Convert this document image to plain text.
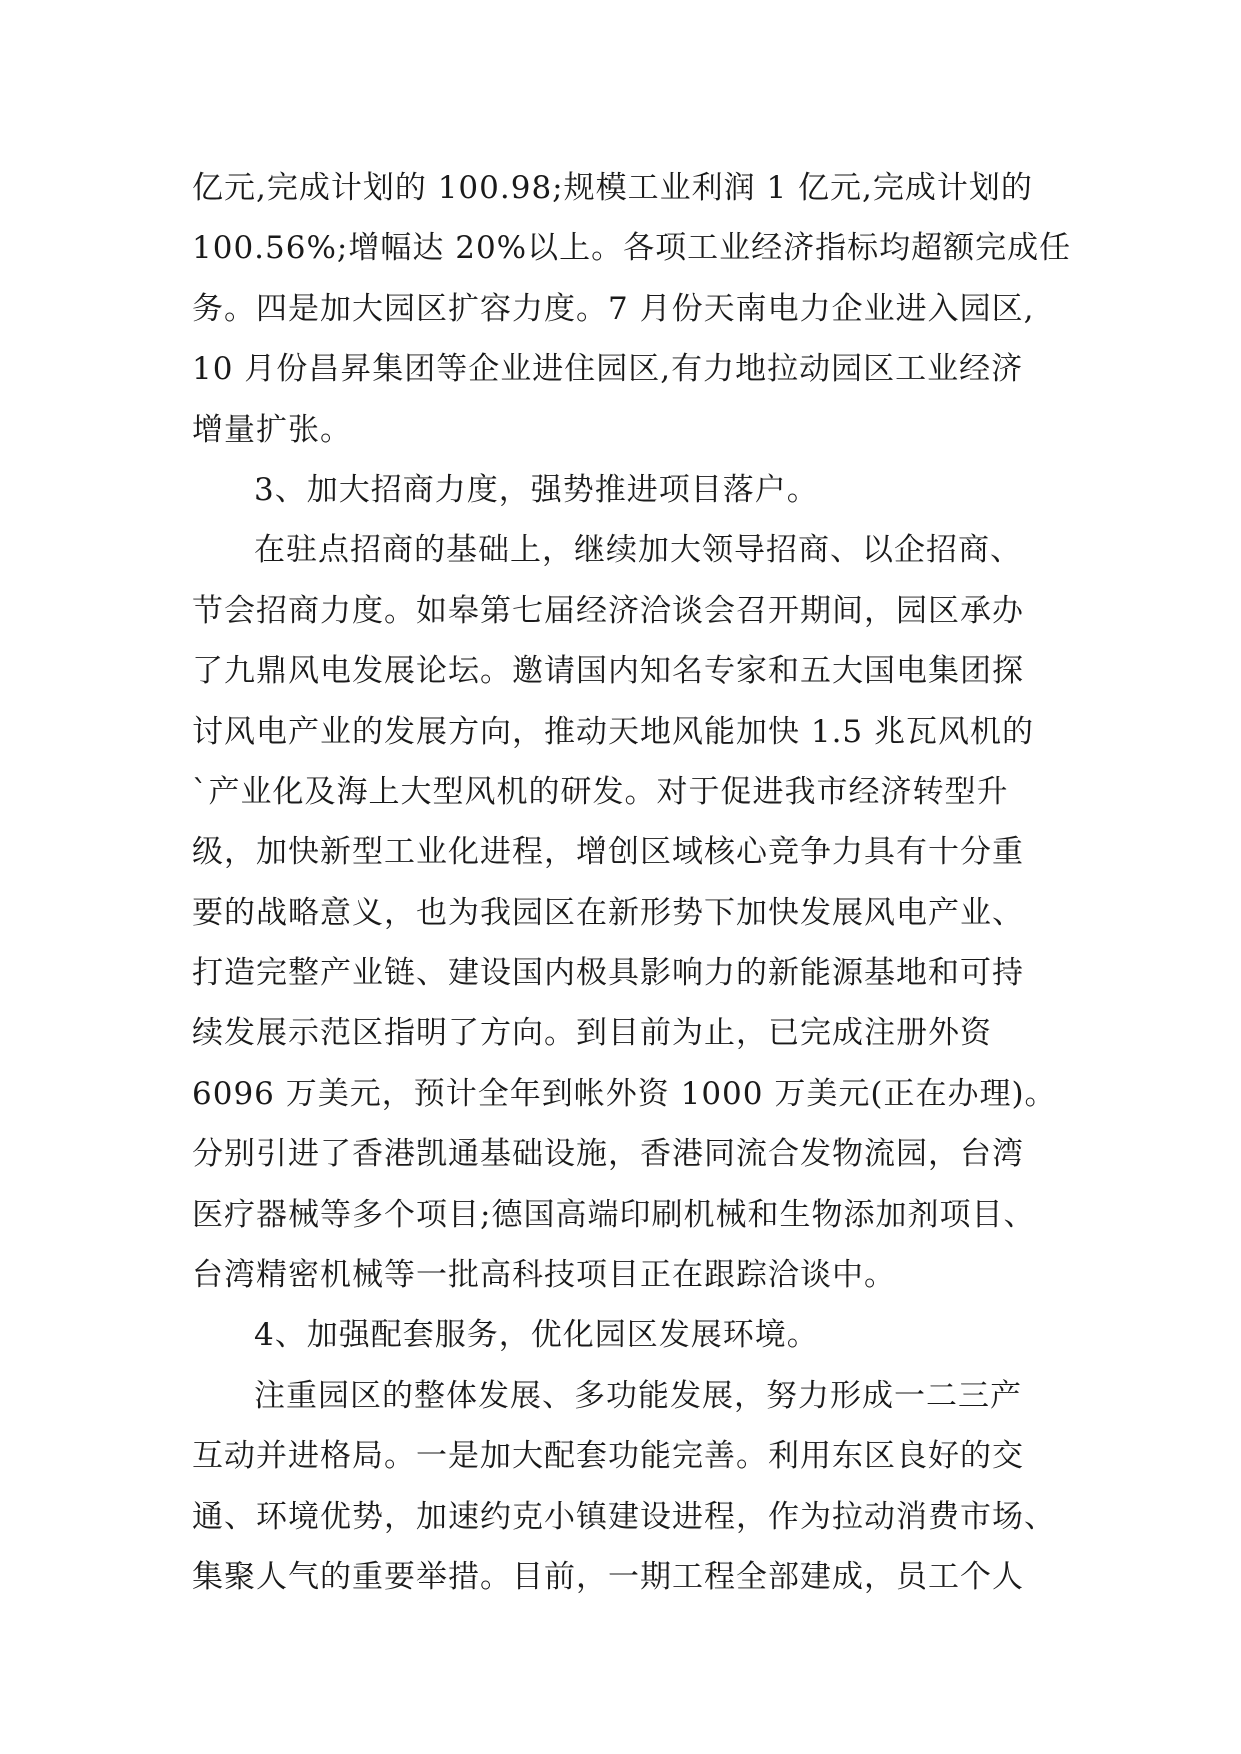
亿元,完成计划的 100.98;规模工业利润 1 亿元,完成计划的
100.56%;增幅达 20%以上。各项工业经济指标均超额完成任
务。四是加大园区扩容力度。7 月份天南电力企业进入园区,
10 月份昌昇集团等企业进住园区,有力地拉动园区工业经济
增量扩张。
3、加大招商力度，强势推进项目落户。
在驻点招商的基础上，继续加大领导招商、以企招商、
节会招商力度。如皋第七届经济洽谈会召开期间，园区承办
了九鼎风电发展论坛。邀请国内知名专家和五大国电集团探
讨风电产业的发展方向，推动天地风能加快 1.5 兆瓦风机的
`产业化及海上大型风机的研发。对于促进我市经济转型升
级，加快新型工业化进程，增创区域核心竞争力具有十分重
要的战略意义，也为我园区在新形势下加快发展风电产业、
打造完整产业链、建设国内极具影响力的新能源基地和可持
续发展示范区指明了方向。到目前为止，已完成注册外资
6096 万美元，预计全年到帐外资 1000 万美元(正在办理)。
分别引进了香港凯通基础设施，香港同流合发物流园，台湾
医疗器械等多个项目;德国高端印刷机械和生物添加剂项目、
台湾精密机械等一批高科技项目正在跟踪洽谈中。
4、加强配套服务，优化园区发展环境。
注重园区的整体发展、多功能发展，努力形成一二三产
互动并进格局。一是加大配套功能完善。利用东区良好的交
通、环境优势，加速约克小镇建设进程，作为拉动消费市场、
集聚人气的重要举措。目前，一期工程全部建成，员工个人
